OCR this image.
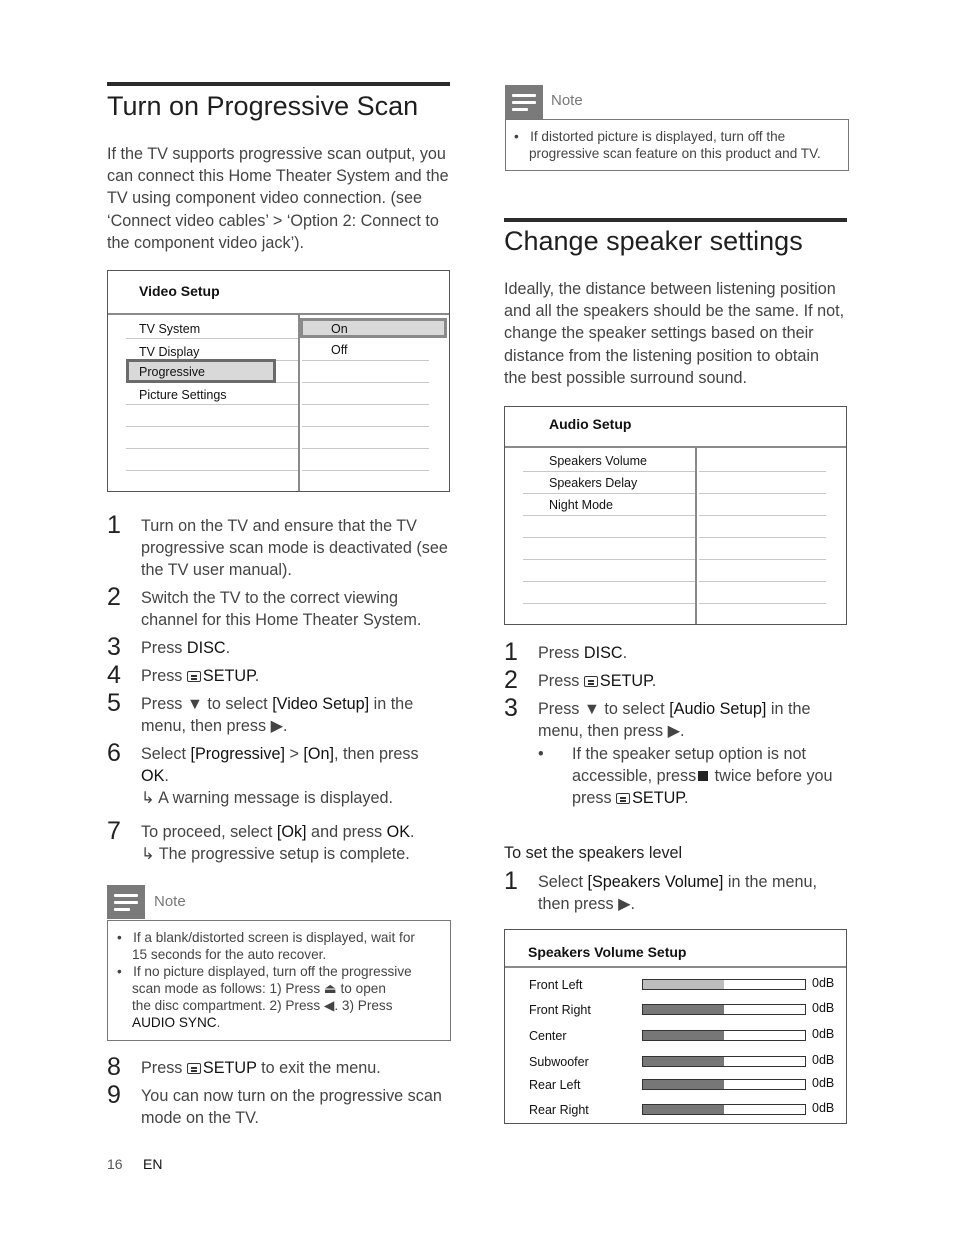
Turn on Progressive Scan
If the TV supports progressive scan output, you
can connect this Home Theater System and the
TV using component video connection. (see
‘Connect video cables’ > ‘Option 2: Connect to
the component video jack’).
Video Setup
TV System
TV Display
Progressive
Picture Settings
On
Off
1 Turn on the TV and ensure that the TV
progressive scan mode is deactivated (see
the TV user manual).
2 Switch the TV to the correct viewing
channel for this Home Theater System.
3 Press DISC.
4 Press SETUP.
5 Press ▼ to select [Video Setup] in the
menu, then press ▶.
6 Select [Progressive] > [On], then press
OK.
↳ A warning message is displayed.
7 To proceed, select [Ok] and press OK.
↳ The progressive setup is complete.
Note
•   If a blank/distorted screen is displayed, wait for
15 seconds for the auto recover.
•   If no picture displayed, turn off the progressive
scan mode as follows: 1) Press ⏏ to open
the disc compartment. 2) Press ◀. 3) Press
AUDIO SYNC.
8 Press SETUP to exit the menu.
9 You can now turn on the progressive scan
mode on the TV.
16 EN
Note
•   If distorted picture is displayed, turn off the
progressive scan feature on this product and TV.
Change speaker settings
Ideally, the distance between listening position
and all the speakers should be the same. If not,
change the speaker settings based on their
distance from the listening position to obtain
the best possible surround sound.
Audio Setup
Speakers Volume
Speakers Delay
Night Mode
1 Press DISC.
2 Press SETUP.
3 Press ▼ to select [Audio Setup] in the
menu, then press ▶.
• If the speaker setup option is not
accessible, press twice before you
press SETUP.
To set the speakers level
1 Select [Speakers Volume] in the menu,
then press ▶.
Speakers Volume Setup
Front Left	0dB
Front Right	0dB
Center	0dB
Subwoofer	0dB
Rear Left	0dB
Rear Right	0dB
